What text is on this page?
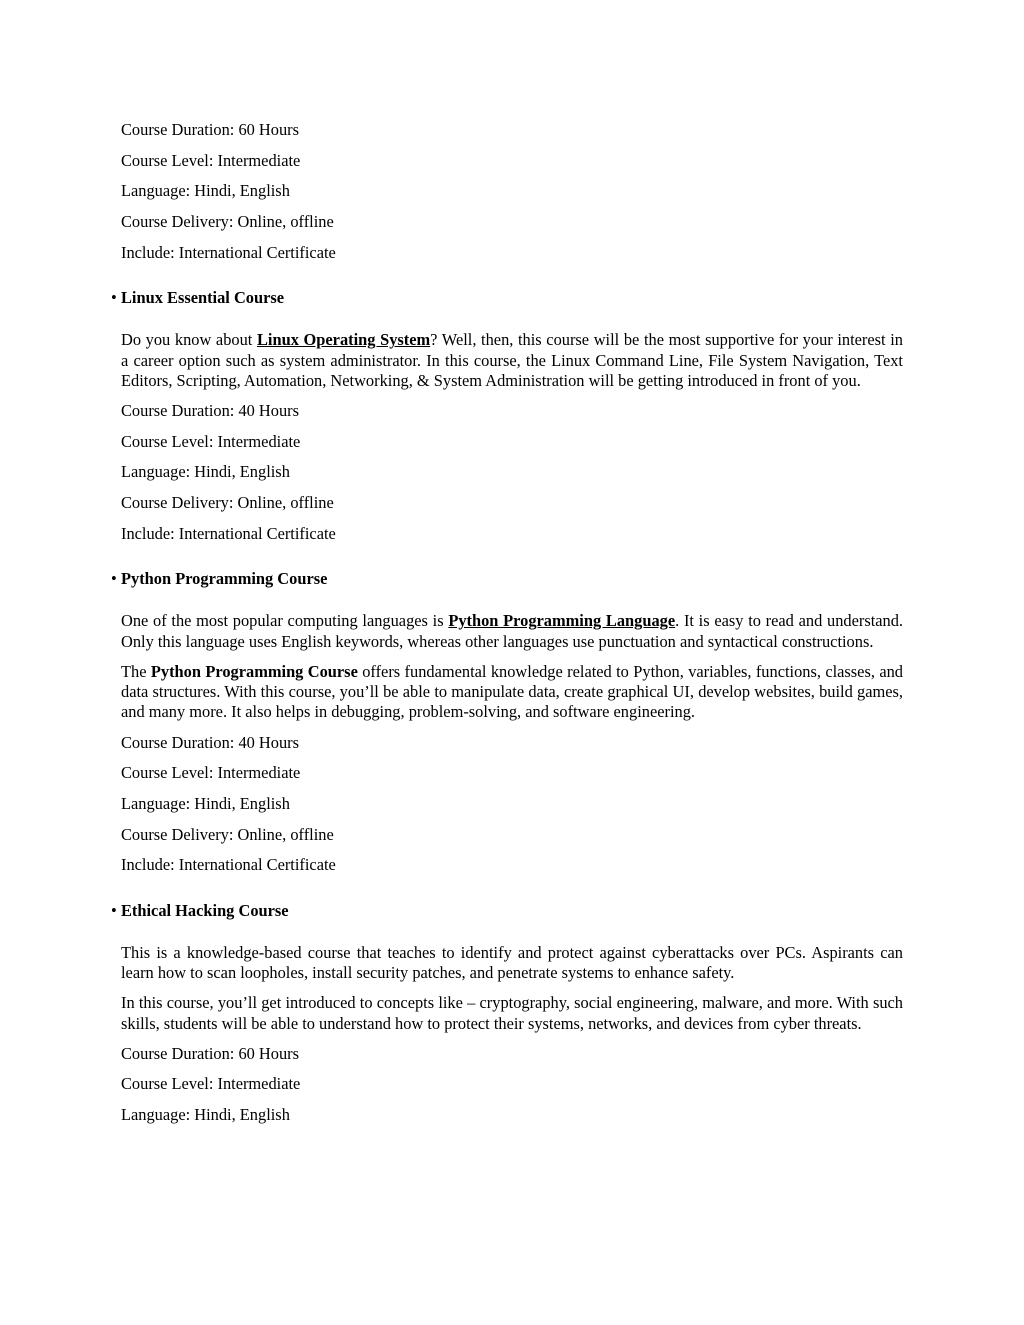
Course Duration: 60 Hours
Course Level: Intermediate
Language: Hindi, English
Course Delivery: Online, offline
Include: International Certificate
• Linux Essential Course

Do you know about Linux Operating System? Well, then, this course will be the most supportive for your interest in a career option such as system administrator. In this course, the Linux Command Line, File System Navigation, Text Editors, Scripting, Automation, Networking, & System Administration will be getting introduced in front of you.

Course Duration: 40 Hours
Course Level: Intermediate
Language: Hindi, English
Course Delivery: Online, offline
Include: International Certificate
• Python Programming Course

One of the most popular computing languages is Python Programming Language. It is easy to read and understand. Only this language uses English keywords, whereas other languages use punctuation and syntactical constructions.

The Python Programming Course offers fundamental knowledge related to Python, variables, functions, classes, and data structures. With this course, you’ll be able to manipulate data, create graphical UI, develop websites, build games, and many more. It also helps in debugging, problem-solving, and software engineering.

Course Duration: 40 Hours
Course Level: Intermediate
Language: Hindi, English
Course Delivery: Online, offline
Include: International Certificate
• Ethical Hacking Course

This is a knowledge-based course that teaches to identify and protect against cyberattacks over PCs. Aspirants can learn how to scan loopholes, install security patches, and penetrate systems to enhance safety.

In this course, you’ll get introduced to concepts like – cryptography, social engineering, malware, and more. With such skills, students will be able to understand how to protect their systems, networks, and devices from cyber threats.

Course Duration: 60 Hours
Course Level: Intermediate
Language: Hindi, English
